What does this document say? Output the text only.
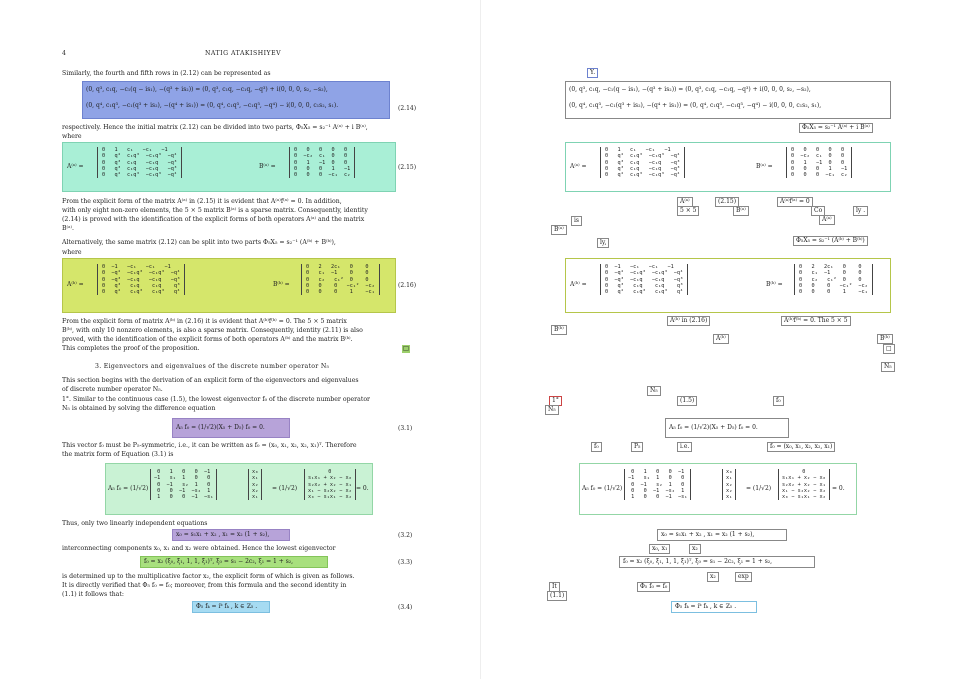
4	NATIG ATAKISHIYEV
Similarly, the fourth and fifth rows in (2.12) can be represented as
(0, q³, c₁q, −c₁(q − is₁), −(q³ + is₂)) = (0, q³, c₁q, −c₁q, −q³) + i(0, 0, 0, s₂, −s₂),
(0, q⁴, c₁q³, −c₁(q³ + is₂), −(q⁴ + is₁)) = (0, q⁴, c₁q³, −c₁q³, −q⁴) − i(0, 0, 0, c₁s₂, s₁).	(2.14)
respectively. Hence the initial matrix (2.12) can be divided into two parts, Φ₅X₅ = s₂⁻¹ A⁽ᵃ⁾ + i B⁽ᵃ⁾,
where
A⁽ᵃ⁾ =
0   1   c₁   −c₁   −1
0   q⁴  c₁q³  −c₁q³  −q⁴
0   q³  c₁q   −c₁q   −q³
0   q³  c₁q   −c₁q   −q³
0   q⁴  c₁q³  −c₁q³  −q⁴
B⁽ᵃ⁾ =
0   0   0   0   0
0  −c₂  c₁  0   0
0   1   −1  0   0
0   0   0   1   −1
0   0   0  −c₁  c₂
(2.15)
From the explicit form of the matrix A⁽ᵃ⁾ in (2.15) it is evident that A⁽ᵃ⁾f⁽ᵃ⁾ = 0. In addition,
with only eight non-zero elements, the 5 × 5 matrix B⁽ᵃ⁾ is a sparse matrix. Consequently, identity
(2.14) is proved with the identification of the explicit forms of both operators A⁽ᵃ⁾ and the matrix
B⁽ᵃ⁾.
Alternatively, the same matrix (2.12) can be split into two parts Φ₅X₅ = s₂⁻¹ (A⁽ᵇ⁾ + B⁽ᵇ⁾),
where
A⁽ᵇ⁾ =
0  −1   −c₁   −c₁   −1
0  −q⁴  −c₁q³  −c₁q³  −q⁴
0  −q³  −c₁q   −c₁q   −q³
0   q³   c₁q    c₁q    q³
0   q⁴   c₁q³   c₁q³   q⁴
B⁽ᵇ⁾ =
0   2   2c₁   0    0
0   c₁  −1    0    0
0   c₂   c₁²  0    0
0   0    0   −c₁²  −c₂
0   0    0    1    −c₁
(2.16)
From the explicit form of matrix A⁽ᵇ⁾ in (2.16) it is evident that A⁽ᵇ⁾f⁽ᵇ⁾ = 0. The 5 × 5 matrix
B⁽ᵇ⁾, with only 10 nonzero elements, is also a sparse matrix. Consequently, identity (2.11) is also
proved, with the identification of the explicit forms of both operators A⁽ᵇ⁾ and the matrix B⁽ᵇ⁾.
This completes the proof of the proposition.	□
3. Eigenvectors and eigenvalues of the discrete number operator N₅
This section begins with the derivation of an explicit form of the eigenvectors and eigenvalues
of discrete number operator N₅.
1°. Similar to the continuous case (1.5), the lowest eigenvector f₀ of the discrete number operator
N₅ is obtained by solving the difference equation
A₅ f₀ = (1/√2)(X₅ + D₅) f₀ = 0.	(3.1)
This vector f₀ must be P₅-symmetric, i.e., it can be written as f₀ = (x₀, x₁, x₂, x₂, x₁)ᵀ. Therefore
the matrix form of Equation (3.1) is
A₅ f₀ = (1/√2)
0   1   0   0  −1
−1   s₁  1   0   0
0  −1   s₂  1   0
0   0  −1  −s₂  1
1   0   0  −1  −s₁
x₀
x₁
x₂
x₂
x₁
= (1/√2)
0
s₁x₁ + x₂ − x₀
s₂x₂ + x₂ − x₁
x₁ − s₂x₂ − x₂
x₀ − s₁x₁ − x₂
= 0.
Thus, only two linearly independent equations
x₀ = s₁x₁ + x₂ , x₁ = x₂ (1 + s₂),	(3.2)
interconnecting components x₀, x₁ and x₂ were obtained. Hence the lowest eigenvector
f₀ = x₂ (ξ₀, ξ₁, 1, 1, ξ₁)ᵀ, ξ₀ = s₁ − 2c₂, ξ₁ = 1 + s₂,	(3.3)
is determined up to the multiplicative factor x₂, the explicit form of which is given as follows.
It is directly verified that Φ₅ f₀ = f₀; moreover, from this formula and the second identity in
(1.1) it follows that:
Φ₅ fₖ = iᵏ fₖ , k ∈ ℤ₅ .	(3.4)
Y.
(0, q³, c₁q, −c₁(q − is₁), −(q³ + is₂)) = (0, q³, c₁q, −c₁q, −q³) + i(0, 0, 0, s₂, −s₂),
(0, q⁴, c₁q³, −c₁(q³ + is₂), −(q⁴ + is₁)) = (0, q⁴, c₁q³, −c₁q³, −q⁴) − i(0, 0, 0, c₁s₂, s₁),
Φ₅X₅ = s₂⁻¹ A⁽ᵃ⁾ + i B⁽ᵃ⁾
A⁽ᵃ⁾ =
0   1   c₁   −c₁   −1
0   q⁴  c₁q³  −c₁q³  −q⁴
0   q³  c₁q   −c₁q   −q³
0   q³  c₁q   −c₁q   −q³
0   q⁴  c₁q³  −c₁q³  −q⁴
B⁽ᵃ⁾ =
0   0   0   0   0
0  −c₂  c₁  0   0
0   1   −1  0   0
0   0   0   1   −1
0   0   0  −c₁  c₂
A⁽ᵃ⁾	(2.15)	A⁽ᵃ⁾f⁽ᵃ⁾ = 0
5 × 5	B⁽ᵃ⁾	Co	ly .
is	A⁽ᵃ⁾
B⁽ᵃ⁾
ly,	Φ₅X₅ = s₂⁻¹ (A⁽ᵇ⁾ + B⁽ᵇ⁾)
A⁽ᵇ⁾ =
0  −1   −c₁   −c₁   −1
0  −q⁴  −c₁q³  −c₁q³  −q⁴
0  −q³  −c₁q   −c₁q   −q³
0   q³   c₁q    c₁q    q³
0   q⁴   c₁q³   c₁q³   q⁴
B⁽ᵇ⁾ =
0   2   2c₁   0    0
0   c₁  −1    0    0
0   c₂   c₁²  0    0
0   0    0   −c₁²  −c₂
0   0    0    1    −c₁
A⁽ᵇ⁾ in (2.16)	A⁽ᵇ⁾f⁽ᵇ⁾ = 0. The 5 × 5
B⁽ᵇ⁾
A⁽ᵇ⁾	B⁽ᵇ⁾
□
N₅
N₅
1°	(1.5)	f₀
N₅
A₅ f₀ = (1/√2)(X₅ + D₅) f₀ = 0.
f₀	P₅	i.e.	f₀ = (x₀, x₁, x₂, x₂, x₁)
A₅ f₀ = (1/√2)
0   1   0   0  −1
−1   s₁  1   0   0
0  −1   s₂  1   0
0   0  −1  −s₂  1
1   0   0  −1  −s₁
x₀
x₁
x₂
x₂
x₁
= (1/√2)
0
s₁x₁ + x₂ − x₀
s₂x₂ + x₂ − x₁
x₁ − s₂x₂ − x₂
x₀ − s₁x₁ − x₂
= 0.
x₀ = s₁x₁ + x₂ , x₁ = x₂ (1 + s₂),
x₀, x₁	x₂
f₀ = x₂ (ξ₀, ξ₁, 1, 1, ξ₁)ᵀ, ξ₀ = s₁ − 2c₂, ξ₁ = 1 + s₂,
x₂	exp
It	Φ₅ f₀ = f₀
(1.1)
Φ₅ fₖ = iᵏ fₖ , k ∈ ℤ₅ .
